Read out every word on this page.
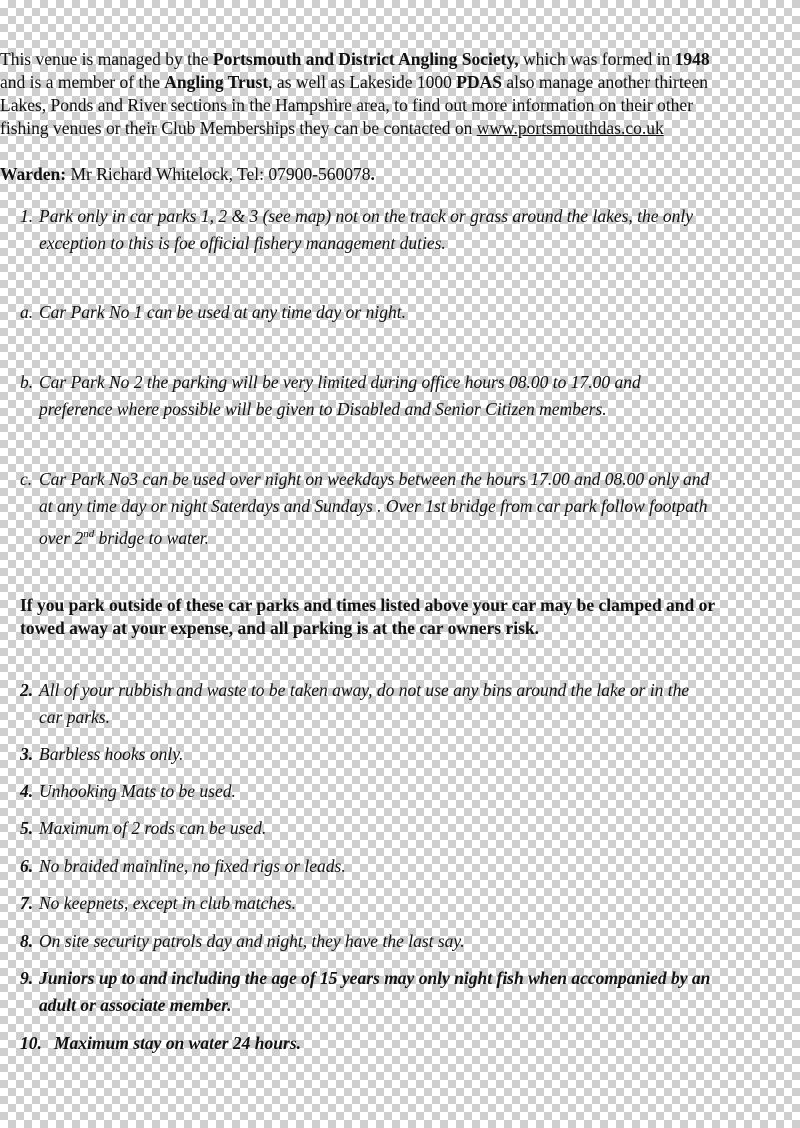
This venue is managed by the Portsmouth and District Angling Society, which was formed in 1948

and is a member of the Angling Trust, as well as Lakeside 1000 PDAS also manage another thirteen

Lakes, Ponds and River sections in the Hampshire area, to find out more information on their other

fishing venues or their Club Memberships they can be contacted on www.portsmouthdas.co.uk

Warden: Mr Richard Whitelock, Tel: 07900-560078.

1. Park only in car parks 1, 2 & 3 (see map) not on the track or grass around the lakes, the only
exception to this is foe official fishery management duties.
a. Car Park No 1 can be used at any time day or night.
b. Car Park No 2 the parking will be very limited during office hours 08.00 to 17.00 and
preference where possible will be given to Disabled and Senior Citizen members.
c. Car Park No3 can be used over night on weekdays between the hours 17.00 and 08.00 only and
at any time day or night Saterdays and Sundays . Over 1st bridge from car park follow footpath
over 2nd bridge to water.

If you park outside of these car parks and times listed above your car may be clamped and or

towed away at your expense, and all parking is at the car owners risk.

2. All of your rubbish and waste to be taken away, do not use any bins around the lake or in the
car parks.
3. Barbless hooks only.
4. Unhooking Mats to be used.
5. Maximum of 2 rods can be used.
6. No braided mainline, no fixed rigs or leads.
7. No keepnets, except in club matches.
8. On site security patrols day and night, they have the last say.
9. Juniors up to and including the age of 15 years may only night fish when accompanied by an
adult or associate member.
10. Maximum stay on water 24 hours.
